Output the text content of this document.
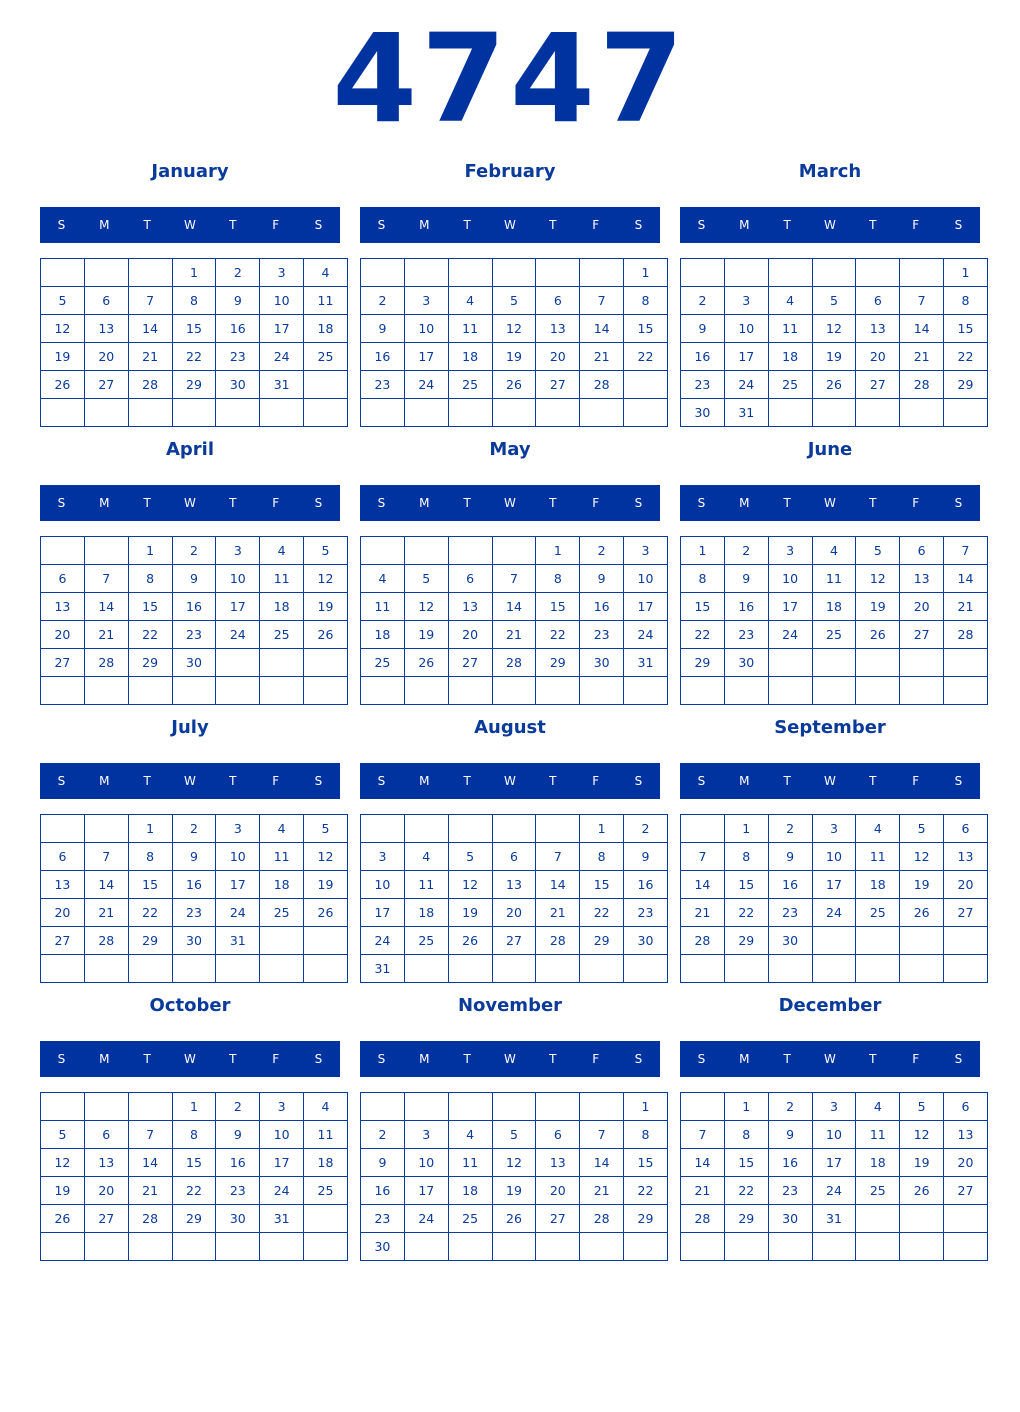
4747
January
S	M	T	W	T	F	S
			1	2	3	4
5	6	7	8	9	10	11
12	13	14	15	16	17	18
19	20	21	22	23	24	25
26	27	28	29	30	31	

February
S	M	T	W	T	F	S
						1
2	3	4	5	6	7	8
9	10	11	12	13	14	15
16	17	18	19	20	21	22
23	24	25	26	27	28	

March
S	M	T	W	T	F	S
						1
2	3	4	5	6	7	8
9	10	11	12	13	14	15
16	17	18	19	20	21	22
23	24	25	26	27	28	29
30	31					
April
S	M	T	W	T	F	S
		1	2	3	4	5
6	7	8	9	10	11	12
13	14	15	16	17	18	19
20	21	22	23	24	25	26
27	28	29	30			

May
S	M	T	W	T	F	S
				1	2	3
4	5	6	7	8	9	10
11	12	13	14	15	16	17
18	19	20	21	22	23	24
25	26	27	28	29	30	31

June
S	M	T	W	T	F	S
1	2	3	4	5	6	7
8	9	10	11	12	13	14
15	16	17	18	19	20	21
22	23	24	25	26	27	28
29	30					

July
S	M	T	W	T	F	S
		1	2	3	4	5
6	7	8	9	10	11	12
13	14	15	16	17	18	19
20	21	22	23	24	25	26
27	28	29	30	31		

August
S	M	T	W	T	F	S
					1	2
3	4	5	6	7	8	9
10	11	12	13	14	15	16
17	18	19	20	21	22	23
24	25	26	27	28	29	30
31						
September
S	M	T	W	T	F	S
	1	2	3	4	5	6
7	8	9	10	11	12	13
14	15	16	17	18	19	20
21	22	23	24	25	26	27
28	29	30				

October
S	M	T	W	T	F	S
			1	2	3	4
5	6	7	8	9	10	11
12	13	14	15	16	17	18
19	20	21	22	23	24	25
26	27	28	29	30	31	

November
S	M	T	W	T	F	S
						1
2	3	4	5	6	7	8
9	10	11	12	13	14	15
16	17	18	19	20	21	22
23	24	25	26	27	28	29
30						
December
S	M	T	W	T	F	S
	1	2	3	4	5	6
7	8	9	10	11	12	13
14	15	16	17	18	19	20
21	22	23	24	25	26	27
28	29	30	31			
